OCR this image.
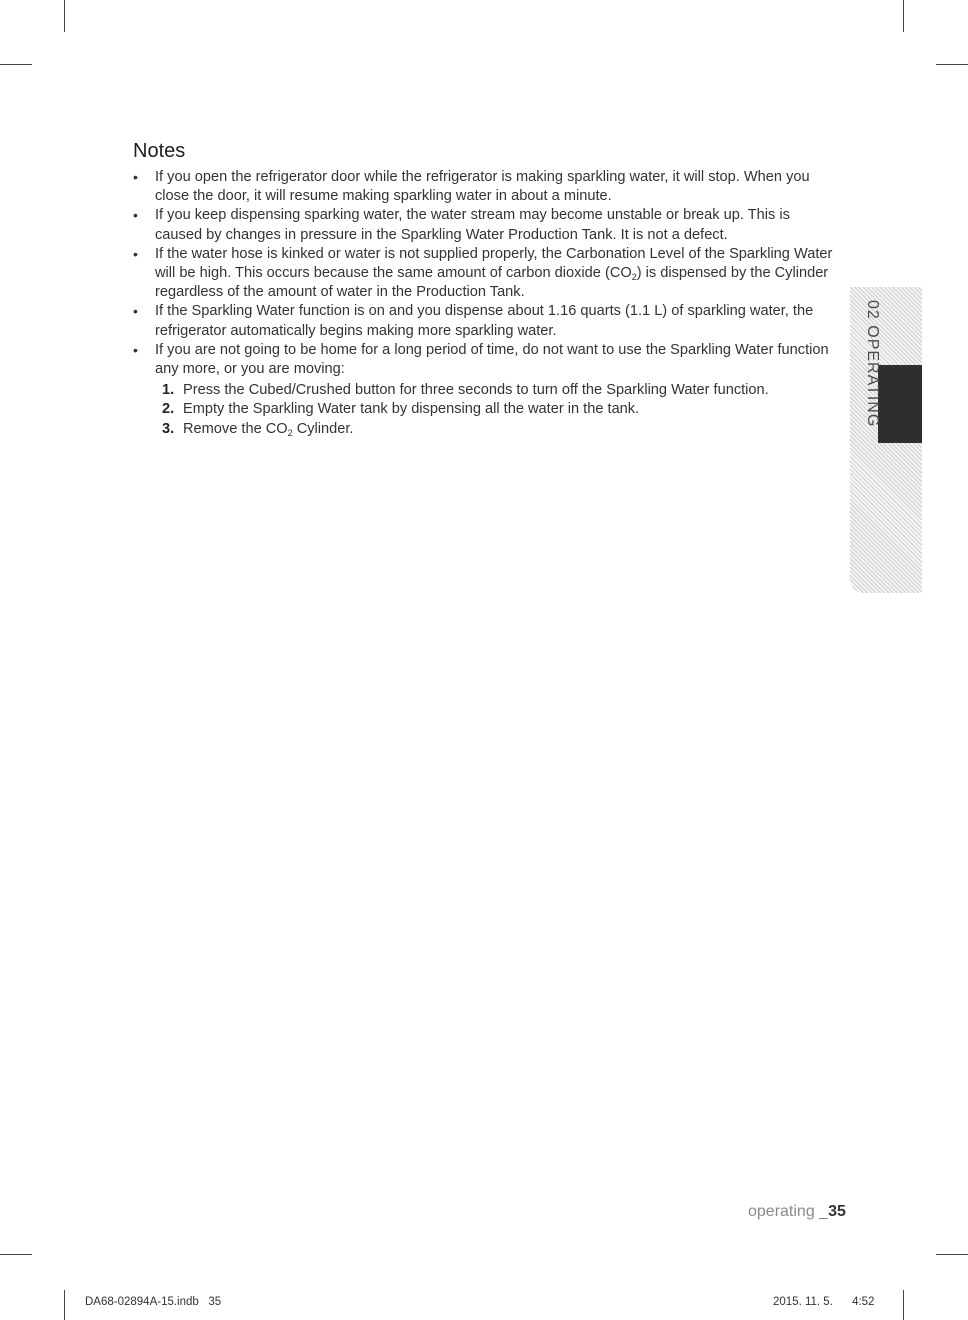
Notes
• If you open the refrigerator door while the refrigerator is making sparkling water, it will stop. When you close the door, it will resume making sparkling water in about a minute.
• If you keep dispensing sparking water, the water stream may become unstable or break up. This is caused by changes in pressure in the Sparkling Water Production Tank. It is not a defect.
• If the water hose is kinked or water is not supplied properly, the Carbonation Level of the Sparkling Water will be high. This occurs because the same amount of carbon dioxide $(CO_2)$ is dispensed by the Cylinder regardless of the amount of water in the Production Tank.
• If the Sparkling Water function is on and you dispense about 1.16 quarts (1.1 L) of sparkling water, the refrigerator automatically begins making more sparkling water.
• If you are not going to be home for a long period of time, do not want to use the Sparkling Water function any more, or you are moving:
1. Press the Cubed/Crushed button for three seconds to turn off the Sparkling Water function.
2. Empty the Sparkling Water tank by dispensing all the water in the tank.
3. Remove the $CO_2$ Cylinder.
02 OPERATING
operating _35
DA68-02894A-15.indb   35	2015. 11. 5.      4:52
